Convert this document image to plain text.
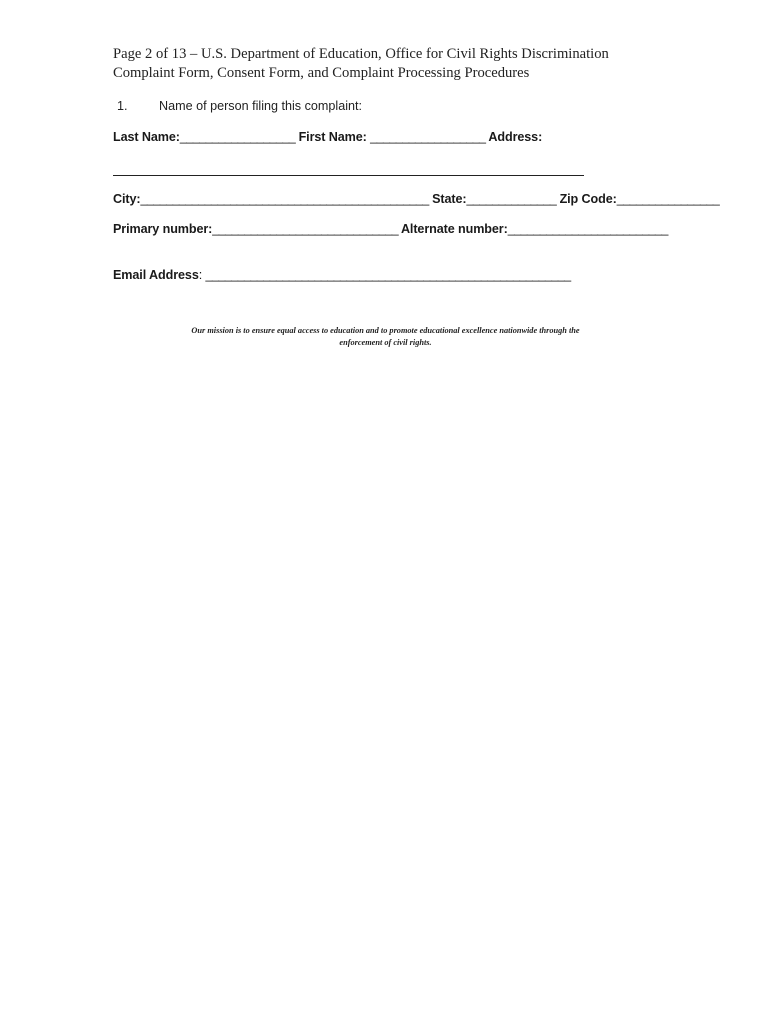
Page 2 of 13 – U.S. Department of Education, Office for Civil Rights Discrimination
Complaint Form, Consent Form, and Complaint Processing Procedures
1. Name of person filing this complaint:
Last Name:__________________ First Name: __________________ Address:
City:_____________________________________________ State:______________ Zip Code:________________
Primary number:_____________________________ Alternate number:_________________________
Email Address: _________________________________________________________
Our mission is to ensure equal access to education and to promote educational excellence nationwide through the
enforcement of civil rights.
